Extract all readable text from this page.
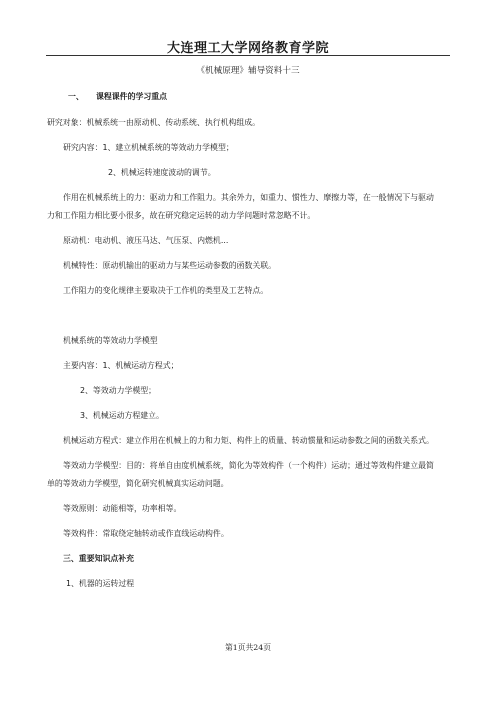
大连理工大学网络教育学院
《机械原理》辅导资料十三
一、 课程课件的学习重点
研究对象：机械系统一由原动机、传动系统、执行机构组成。
研究内容：1、建立机械系统的等效动力学模型；
2、机械运转速度波动的调节。
作用在机械系统上的力：驱动力和工作阻力。其余外力，如重力、惯性力、摩擦力等，在一般情况下与驱动
力和工作阻力相比要小很多，故在研究稳定运转的动力学问题时常忽略不计。
原动机：电动机、液压马达、气压泵、内燃机...
机械特性：原动机输出的驱动力与某些运动参数的函数关联。
工作阻力的变化规律主要取决于工作机的类型及工艺特点。
机械系统的等效动力学模型
主要内容：1、机械运动方程式；
2、等效动力学模型；
3、机械运动方程建立。
机械运动方程式：建立作用在机械上的力和力矩、构件上的质量、转动惯量和运动参数之间的函数关系式。
等效动力学模型：目的：将单自由度机械系统，简化为等效构件（一个构件）运动；通过等效构件建立最简
单的等效动力学模型，简化研究机械真实运动问题。
等效原则：动能相等，功率相等。
等效构件：常取绕定轴转动或作直线运动构件。
三、重要知识点补充
1、机器的运转过程
第1页共24页
